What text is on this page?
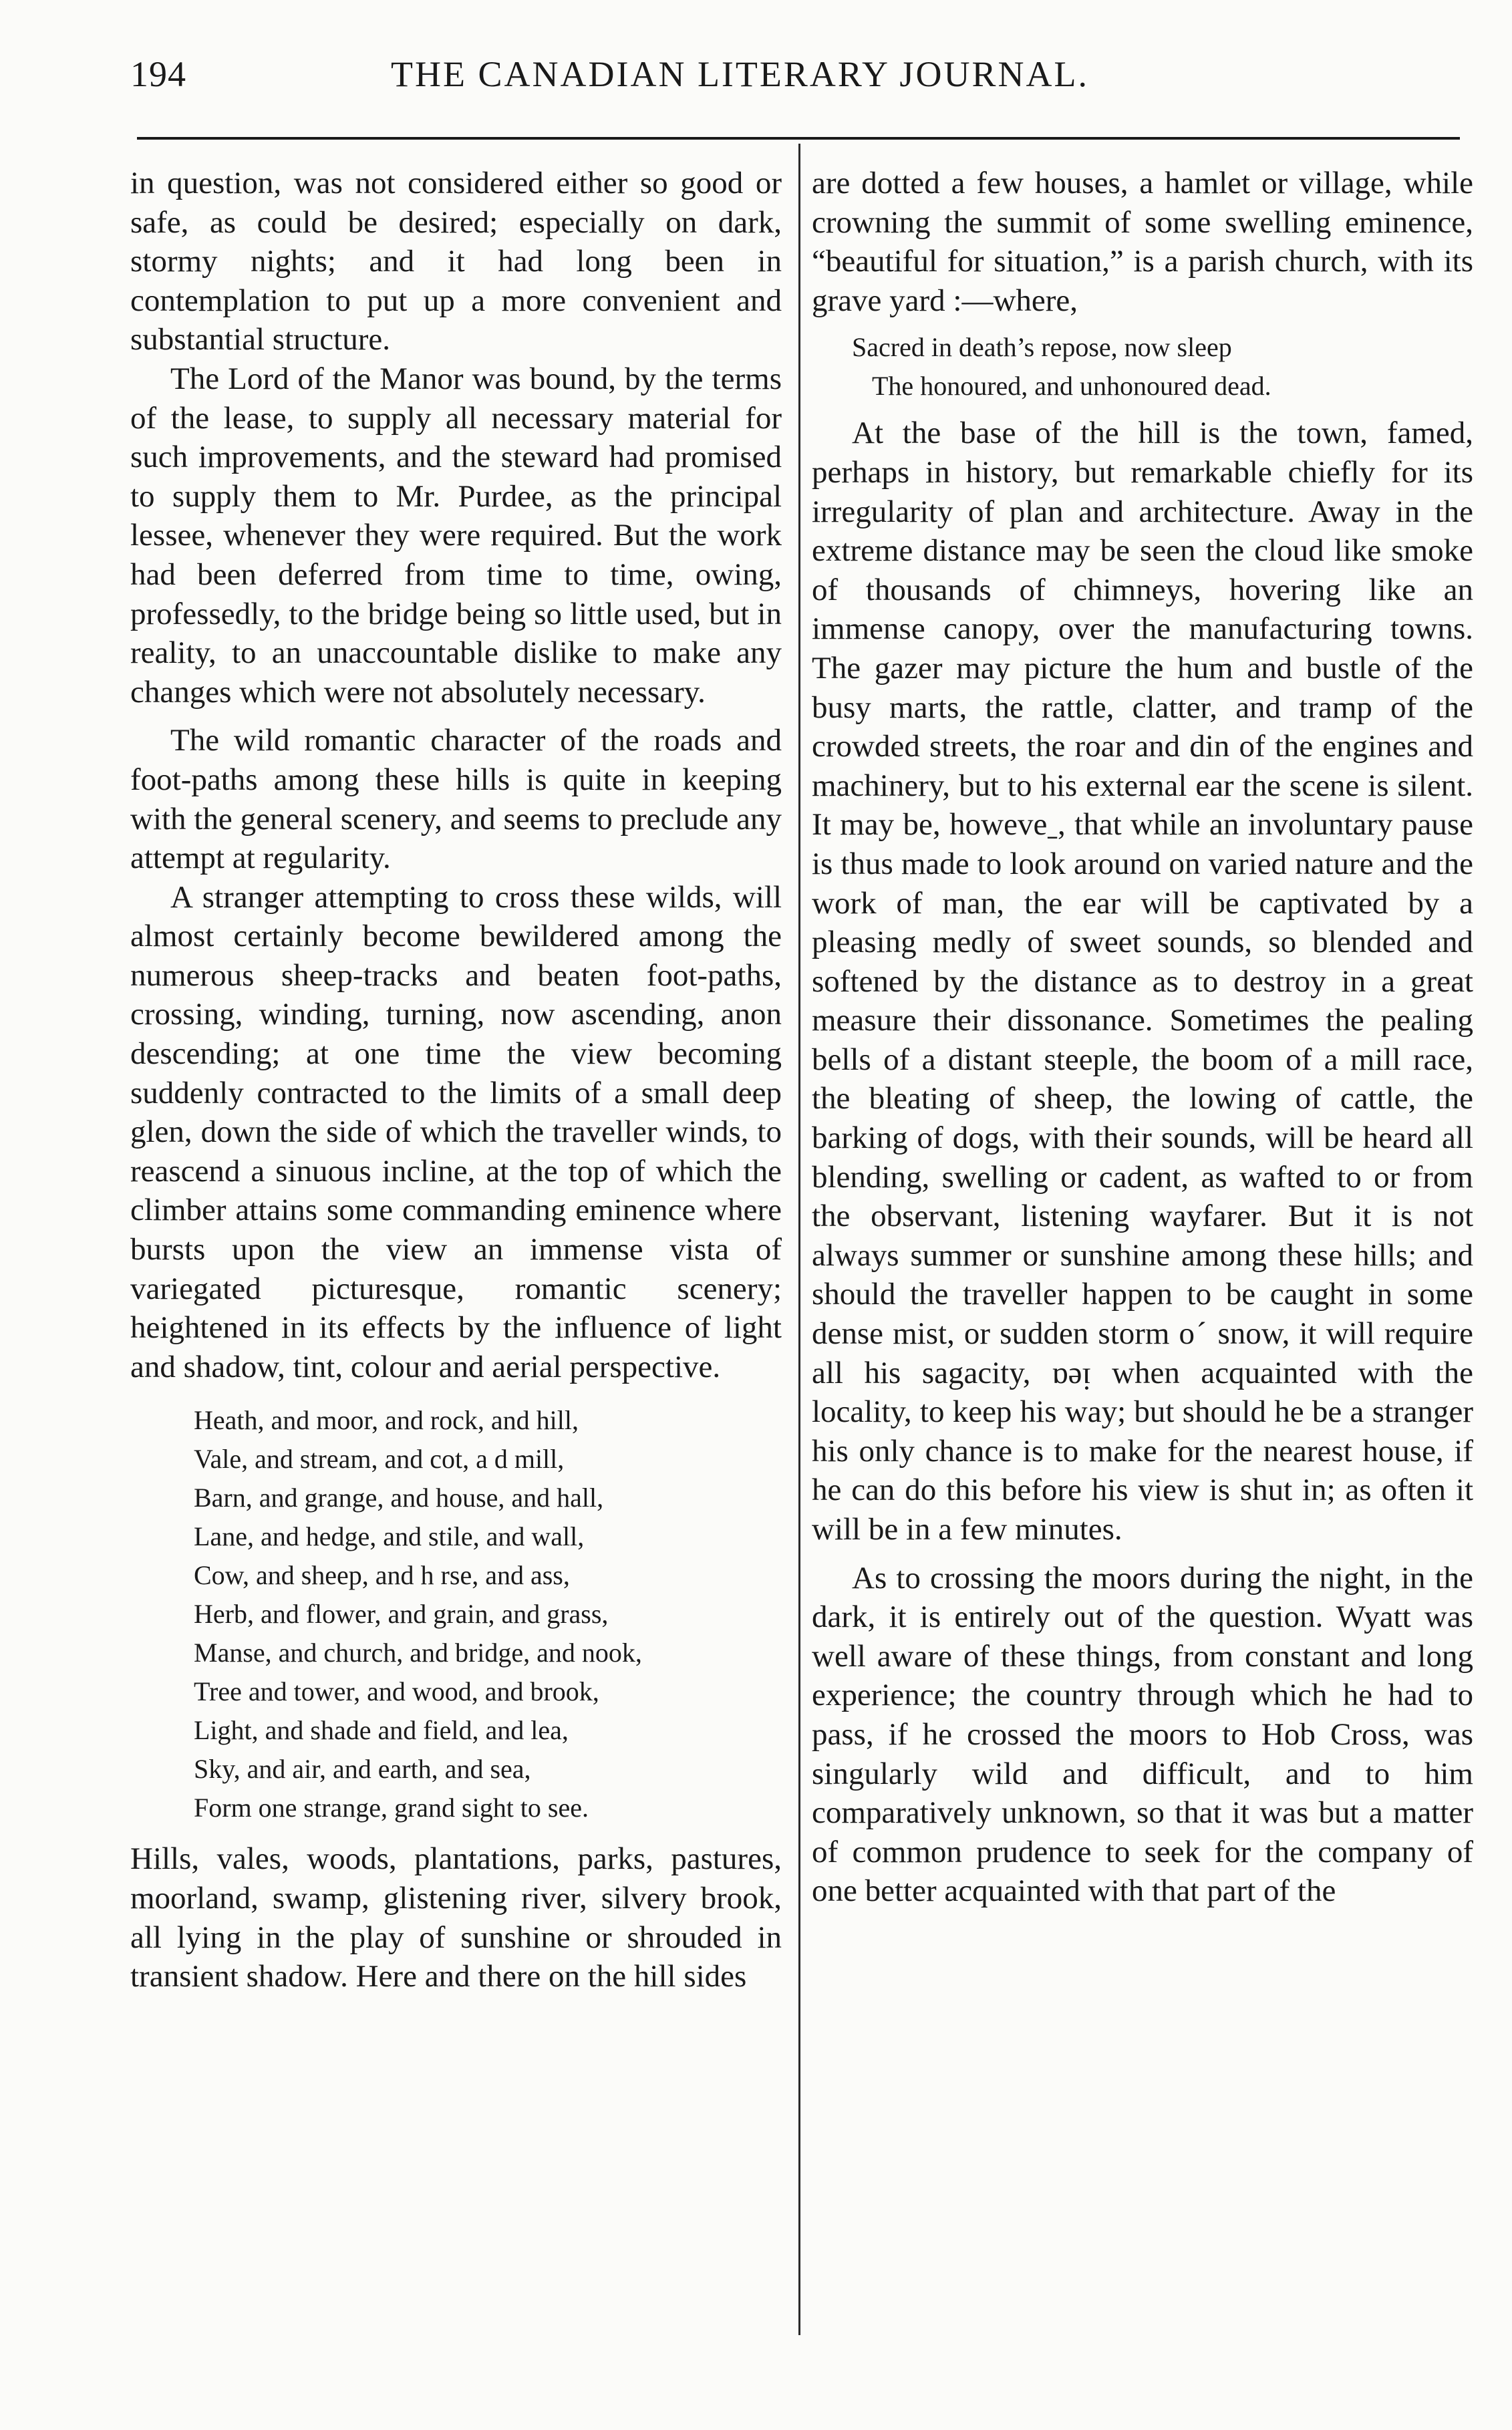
194	THE CANADIAN LITERARY JOURNAL.

in question, was not considered either so good or safe, as could be desired; especially on dark, stormy nights; and it had long been in contemplation to put up a more convenient and substantial structure.

The Lord of the Manor was bound, by the terms of the lease, to supply all necessary material for such improvements, and the steward had promised to supply them to Mr. Purdee, as the principal lessee, whenever they were required. But the work had been deferred from time to time, owing, professedly, to the bridge being so little used, but in reality, to an unaccountable dislike to make any changes which were not absolutely necessary.

The wild romantic character of the roads and foot-paths among these hills is quite in keeping with the general scenery, and seems to preclude any attempt at regularity.

A stranger attempting to cross these wilds, will almost certainly become bewildered among the numerous sheep-tracks and beaten foot-paths, crossing, winding, turning, now ascending, anon descending; at one time the view becoming suddenly contracted to the limits of a small deep glen, down the side of which the traveller winds, to reascend a sinuous incline, at the top of which the climber attains some commanding eminence where bursts upon the view an immense vista of variegated picturesque, romantic scenery; heightened in its effects by the influence of light and shadow, tint, colour and aerial perspective.

Heath, and moor, and rock, and hill,
Vale, and stream, and cot, a d mill,
Barn, and grange, and house, and hall,
Lane, and hedge, and stile, and wall,
Cow, and sheep, and h rse, and ass,
Herb, and flower, and grain, and grass,
Manse, and church, and bridge, and nook,
Tree and tower, and wood, and brook,
Light, and shade and field, and lea,
Sky, and air, and earth, and sea,
Form one strange, grand sight to see.

Hills, vales, woods, plantations, parks, pastures, moorland, swamp, glistening river, silvery brook, all lying in the play of sunshine or shrouded in transient shadow. Here and there on the hill sides

are dotted a few houses, a hamlet or village, while crowning the summit of some swelling eminence, “beautiful for situation,” is a parish church, with its grave yard :—where,

Sacred in death’s repose, now sleep
The honoured, and unhonoured dead.

At the base of the hill is the town, famed, perhaps in history, but remarkable chiefly for its irregularity of plan and architecture. Away in the extreme distance may be seen the cloud like smoke of thousands of chimneys, hovering like an immense canopy, over the manufacturing towns. The gazer may picture the hum and bustle of the busy marts, the rattle, clatter, and tramp of the crowded streets, the roar and din of the engines and machinery, but to his external ear the scene is silent. It may be, howeveˍ, that while an involuntary pause is thus made to look around on varied nature and the work of man, the ear will be captivated by a pleasing medly of sweet sounds, so blended and softened by the distance as to destroy in a great measure their dissonance. Sometimes the pealing bells of a distant steeple, the boom of a mill race, the bleating of sheep, the lowing of cattle, the barking of dogs, with their sounds, will be heard all blending, swelling or cadent, as wafted to or from the observant, listening wayfarer. But it is not always summer or sunshine among these hills; and should the traveller happen to be caught in some dense mist, or sudden storm oˊ snow, it will require all his sagacity, ɒǝᴉ when acquainted with the locality, to keep his way; but should he be a stranger his only chance is to make for the nearest house, if he can do this before his view is shut in; as often it will be in a few minutes.

As to crossing the moors during the night, in the dark, it is entirely out of the question. Wyatt was well aware of these things, from constant and long experience; the country through which he had to pass, if he crossed the moors to Hob Cross, was singularly wild and difficult, and to him comparatively unknown, so that it was but a matter of common prudence to seek for the company of one better acquainted with that part of the
